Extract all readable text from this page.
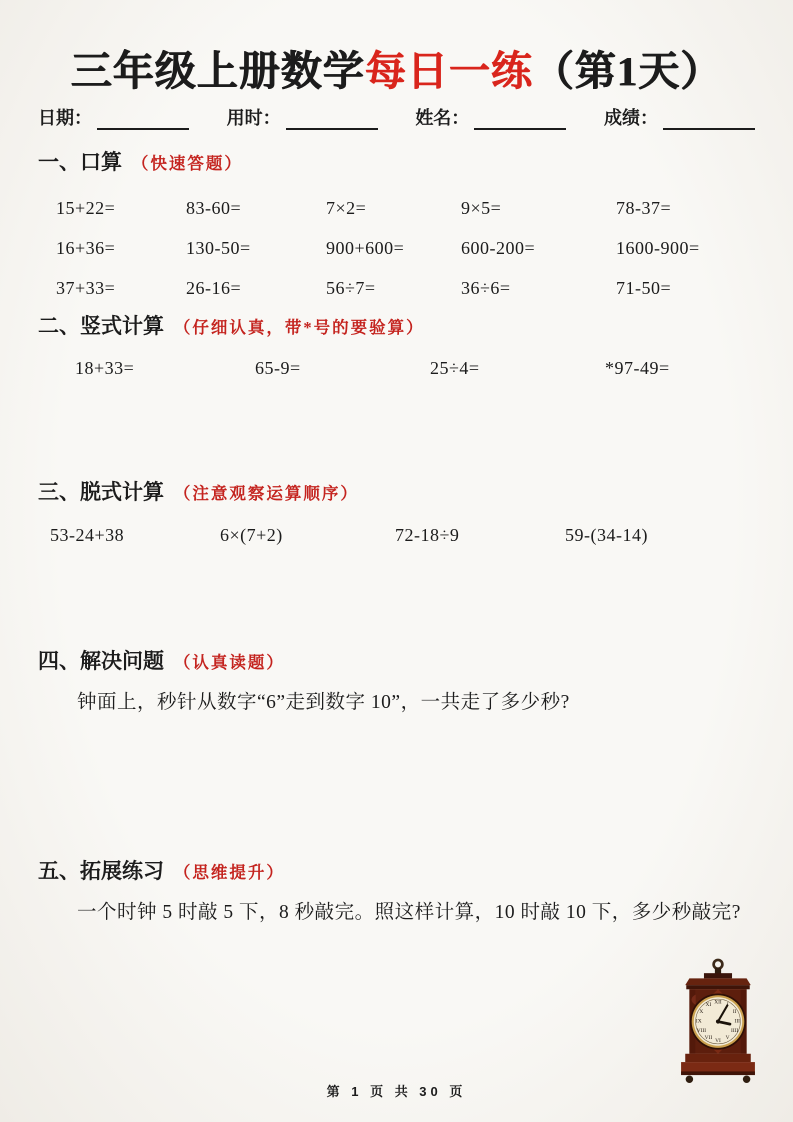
三年级上册数学每日一练（第1天）
日期：	用时：	姓名：	成绩：
一、口算 （快速答题）
15+22=	83-60=	7×2=	9×5=	78-37=
16+36=	130-50=	900+600=	600-200=	1600-900=
37+33=	26-16=	56÷7=	36÷6=	71-50=
二、竖式计算 （仔细认真，带*号的要验算）
18+33=	65-9=	25÷4=	*97-49=
三、脱式计算 （注意观察运算顺序）
53-24+38	6×(7+2)	72-18÷9	59-(34-14)
四、解决问题 （认真读题）
钟面上，秒针从数字“6”走到数字 10”，一共走了多少秒?
五、拓展练习 （思维提升）
一个时钟 5 时敲 5 下，8 秒敲完。照这样计算，10 时敲 10 下，多少秒敲完?
XII
II
III
IIII
V
VI
VII
VIII
IX
X
XI
第 1 页 共 30 页
